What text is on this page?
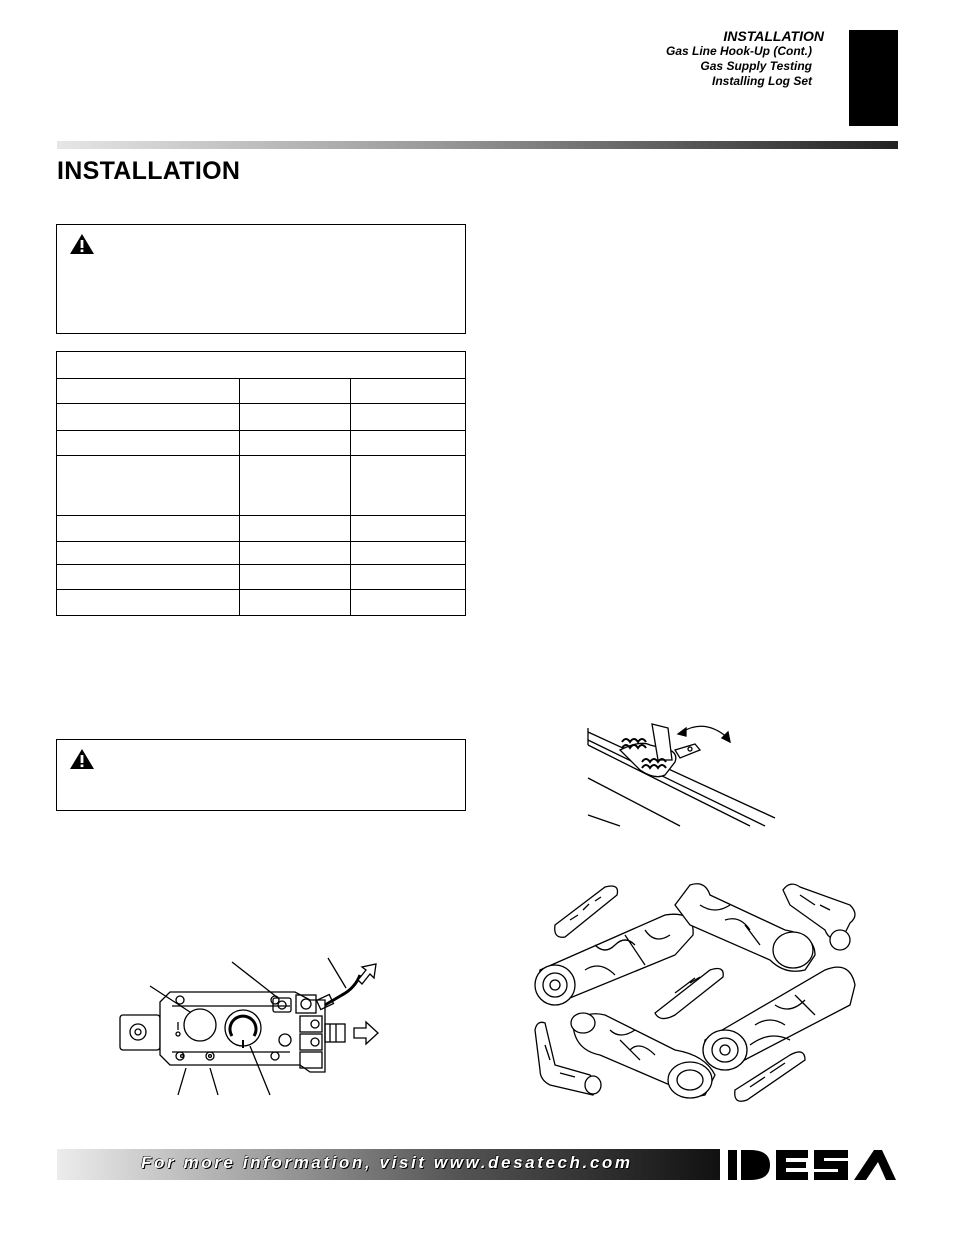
INSTALLATION
Gas Line Hook-Up (Cont.)
Gas Supply Testing
Installing Log Set
INSTALLATION

For more information, visit www.desatech.com
